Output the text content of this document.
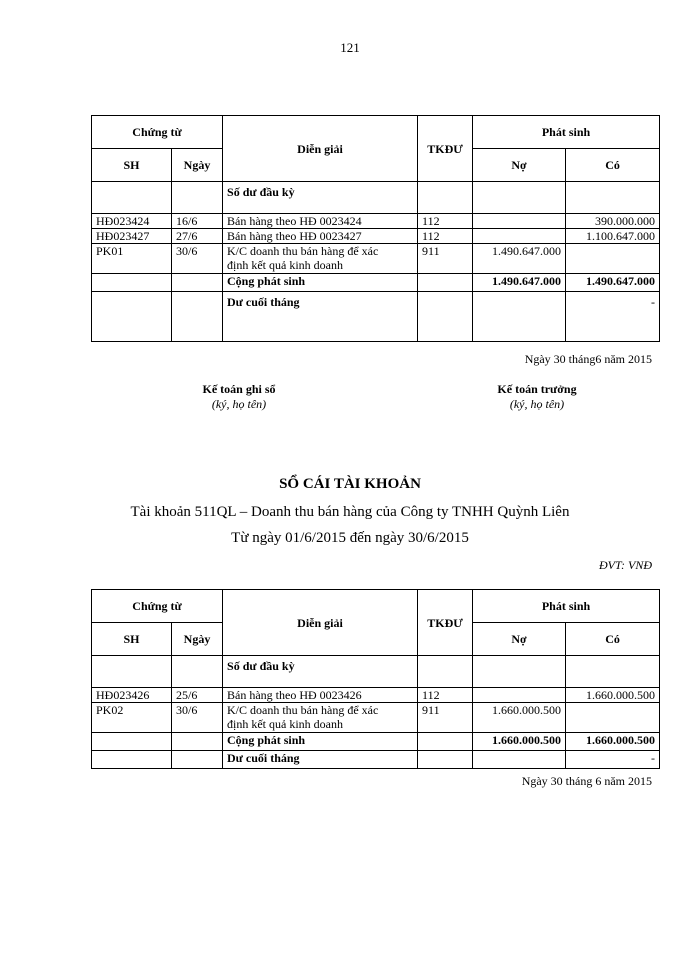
121
Chứng từ		Diễn giải	TKĐƯ	Phát sinh	
SH	Ngày			Nợ	Có
		Số dư đầu kỳ			
HĐ023424	16/6	Bán hàng theo HĐ 0023424	112		390.000.000
HĐ023427	27/6	Bán hàng theo HĐ 0023427	112		1.100.647.000
PK01	30/6	K/C doanh thu bán hàng để xác
định kết quả kinh doanh	911	1.490.647.000	
		Cộng phát sinh		1.490.647.000	1.490.647.000
		Dư cuối tháng			-
Ngày 30 tháng6 năm 2015
Kế toán ghi sổ
(ký, họ tên)
Kế toán trưởng
(ký, họ tên)
SỔ CÁI TÀI KHOẢN
Tài khoản 511QL – Doanh thu bán hàng của Công ty TNHH Quỳnh Liên
Từ ngày 01/6/2015 đến ngày 30/6/2015
ĐVT: VNĐ
Chứng từ		Diễn giải	TKĐƯ	Phát sinh	
SH	Ngày			Nợ	Có
		Số dư đầu kỳ			
HĐ023426	25/6	Bán hàng theo HĐ 0023426	112		1.660.000.500
PK02	30/6	K/C doanh thu bán hàng để xác
định kết quả kinh doanh	911	1.660.000.500	
		Cộng phát sinh		1.660.000.500	1.660.000.500
		Dư cuối tháng			-
Ngày 30 tháng 6 năm 2015
